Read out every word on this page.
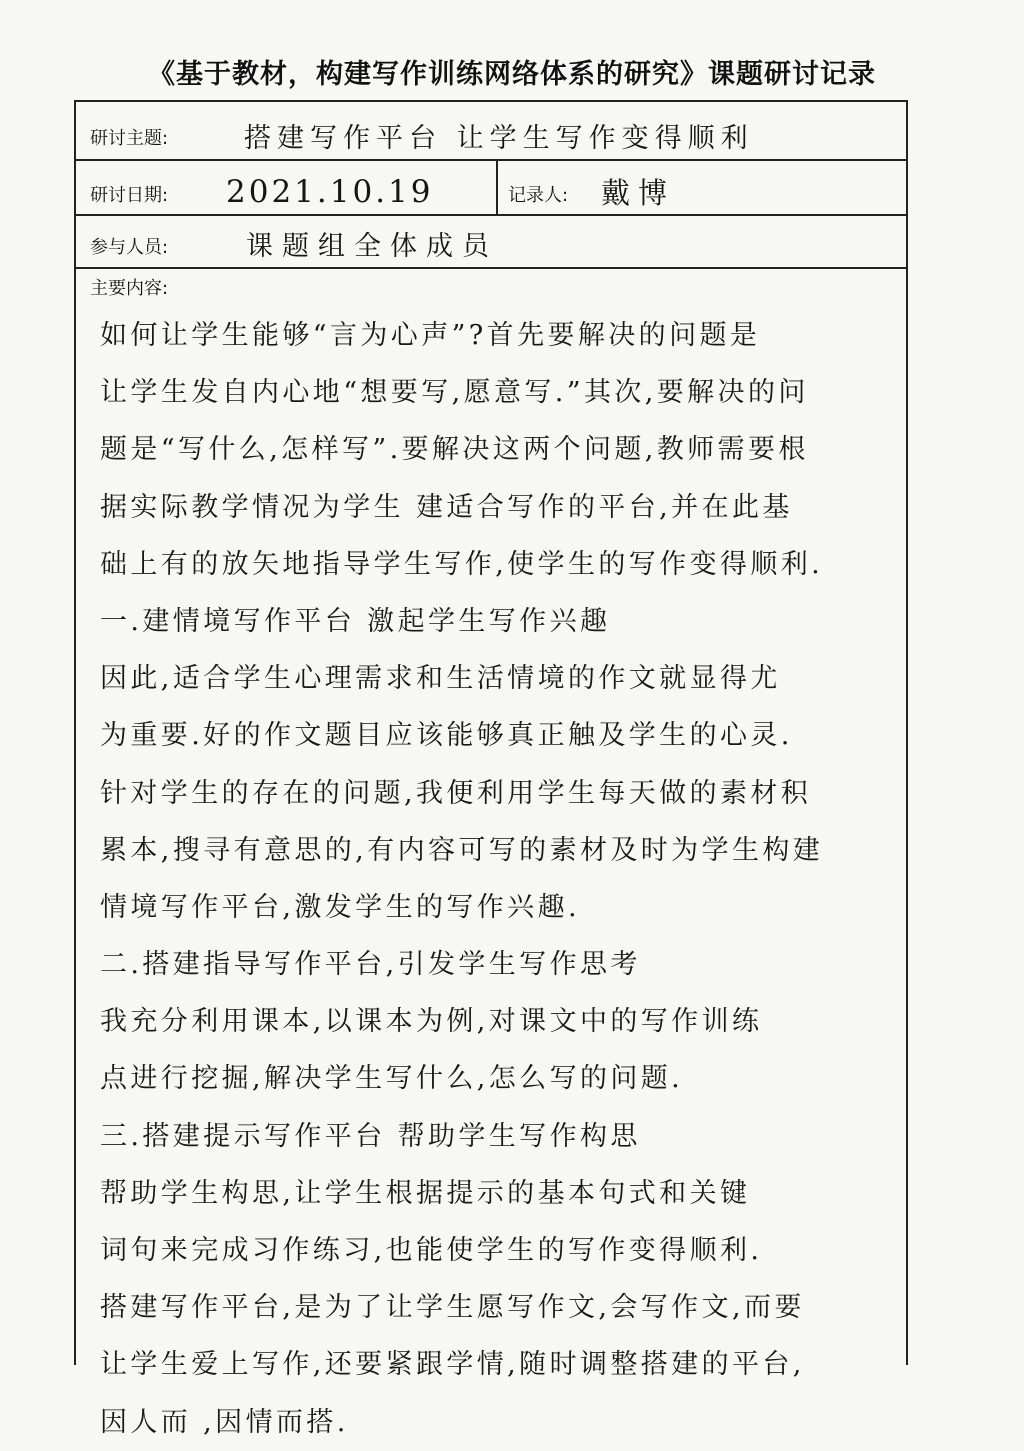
《基于教材，构建写作训练网络体系的研究》课题研讨记录
研讨主题:	搭建写作平台 让学生写作变得顺利
研讨日期: 2021.10.19	记录人: 戴博
参与人员:	课题组全体成员
主要内容:
如何让学生能够“言为心声”?首先要解决的问题是
让学生发自内心地“想要写,愿意写.”其次,要解决的问
题是“写什么,怎样写”.要解决这两个问题,教师需要根
据实际教学情况为学生 建适合写作的平台,并在此基
础上有的放矢地指导学生写作,使学生的写作变得顺利.
一.建情境写作平台 激起学生写作兴趣
因此,适合学生心理需求和生活情境的作文就显得尤
为重要.好的作文题目应该能够真正触及学生的心灵.
针对学生的存在的问题,我便利用学生每天做的素材积
累本,搜寻有意思的,有内容可写的素材及时为学生构建
情境写作平台,激发学生的写作兴趣.
二.搭建指导写作平台,引发学生写作思考
我充分利用课本,以课本为例,对课文中的写作训练
点进行挖掘,解决学生写什么,怎么写的问题.
三.搭建提示写作平台 帮助学生写作构思
帮助学生构思,让学生根据提示的基本句式和关键
词句来完成习作练习,也能使学生的写作变得顺利.
搭建写作平台,是为了让学生愿写作文,会写作文,而要
让学生爱上写作,还要紧跟学情,随时调整搭建的平台,
因人而 ,因情而搭.
